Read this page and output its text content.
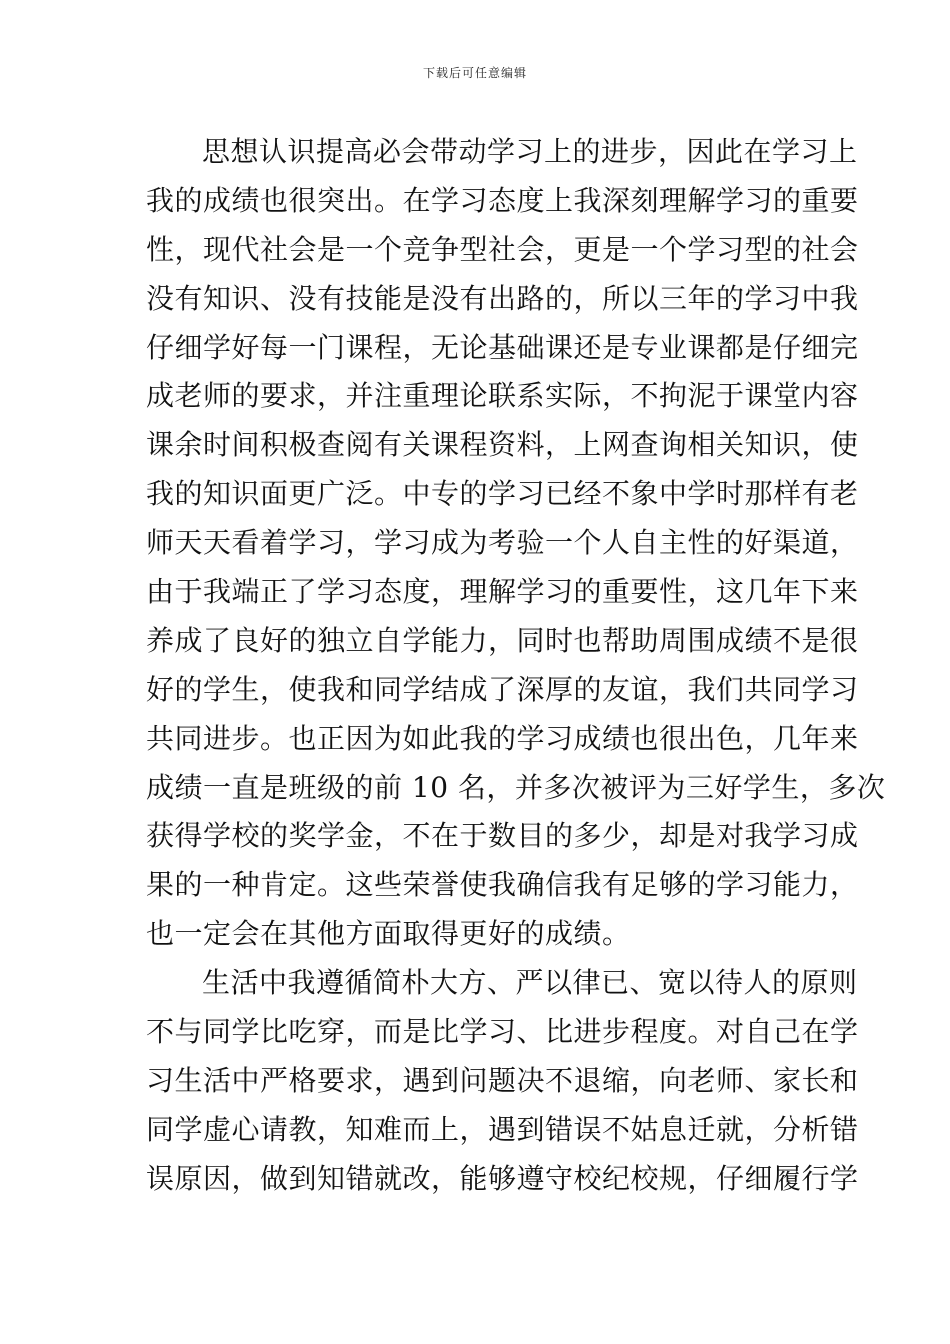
下载后可任意编辑
思想认识提高必会带动学习上的进步，因此在学习上
我的成绩也很突出。在学习态度上我深刻理解学习的重要
性，现代社会是一个竞争型社会，更是一个学习型的社会
没有知识、没有技能是没有出路的，所以三年的学习中我
仔细学好每一门课程，无论基础课还是专业课都是仔细完
成老师的要求，并注重理论联系实际，不拘泥于课堂内容
课余时间积极查阅有关课程资料，上网查询相关知识，使
我的知识面更广泛。中专的学习已经不象中学时那样有老
师天天看着学习，学习成为考验一个人自主性的好渠道，
由于我端正了学习态度，理解学习的重要性，这几年下来
养成了良好的独立自学能力，同时也帮助周围成绩不是很
好的学生，使我和同学结成了深厚的友谊，我们共同学习
共同进步。也正因为如此我的学习成绩也很出色，几年来
成绩一直是班级的前 10 名，并多次被评为三好学生，多次
获得学校的奖学金，不在于数目的多少，却是对我学习成
果的一种肯定。这些荣誉使我确信我有足够的学习能力，
也一定会在其他方面取得更好的成绩。
生活中我遵循简朴大方、严以律已、宽以待人的原则
不与同学比吃穿，而是比学习、比进步程度。对自己在学
习生活中严格要求，遇到问题决不退缩，向老师、家长和
同学虚心请教，知难而上，遇到错误不姑息迁就，分析错
误原因，做到知错就改，能够遵守校纪校规，仔细履行学
